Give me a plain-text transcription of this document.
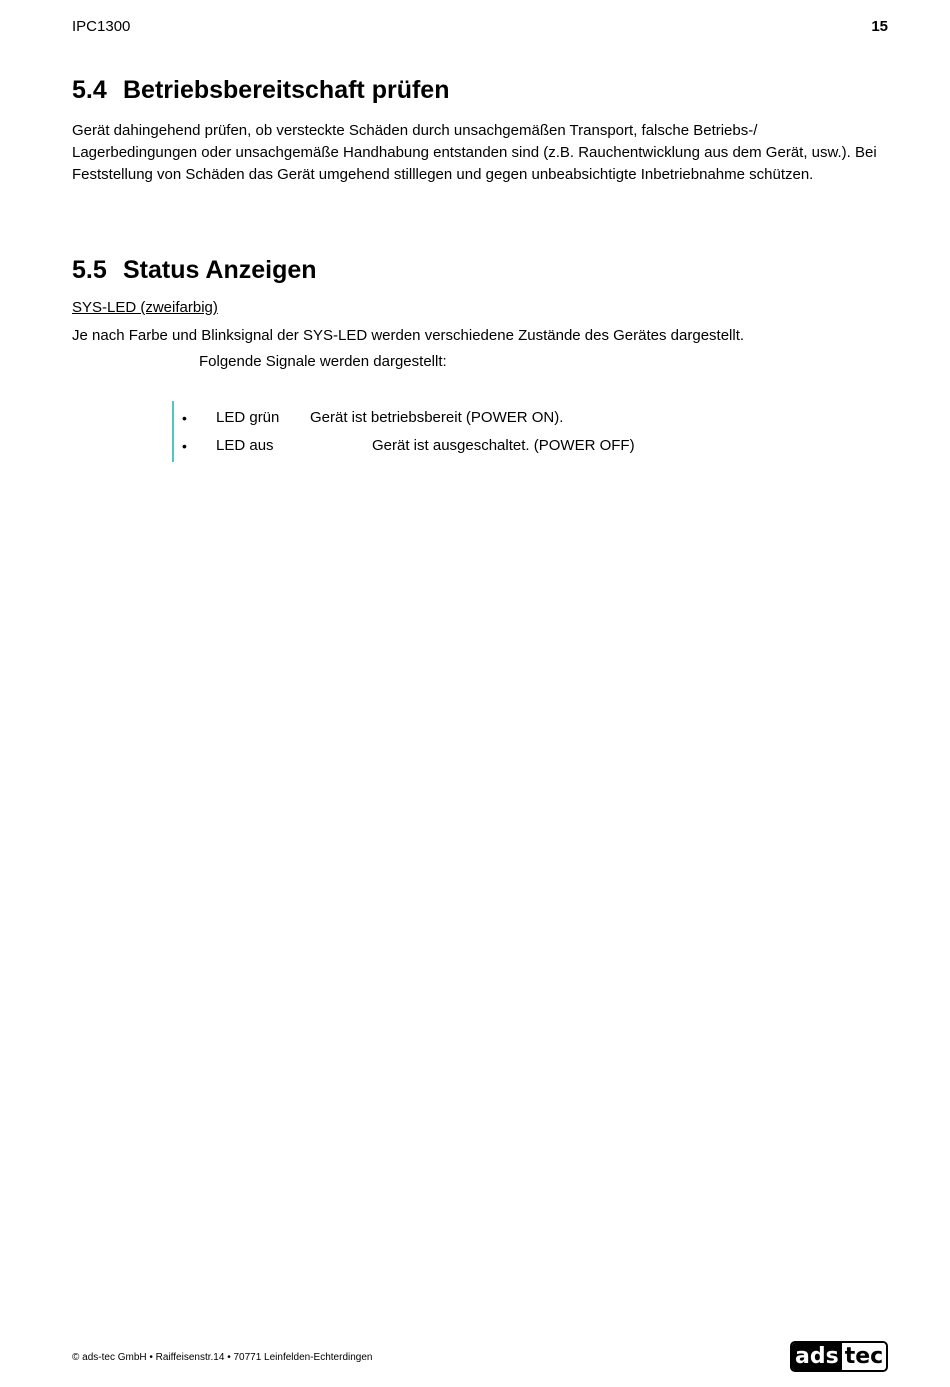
IPC1300	15
5.4 Betriebsbereitschaft prüfen

Gerät dahingehend prüfen, ob versteckte Schäden durch unsachgemäßen Transport, falsche Betriebs-/ Lagerbedingungen oder unsachgemäße Handhabung entstanden sind (z.B. Rauchentwicklung aus dem Gerät, usw.). Bei Feststellung von Schäden das Gerät umgehend stilllegen und gegen unbeabsichtigte Inbetriebnahme schützen.

5.5 Status Anzeigen
SYS-LED (zweifarbig)

Je nach Farbe und Blinksignal der SYS-LED werden verschiedene Zustände des Gerätes dargestellt.

Folgende Signale werden dargestellt:
• LED grün Gerät ist betriebsbereit (POWER ON).
• LED aus	Gerät ist ausgeschaltet. (POWER OFF)
© ads-tec GmbH • Raiffeisenstr.14 • 70771 Leinfelden-Echterdingen	ads tec
